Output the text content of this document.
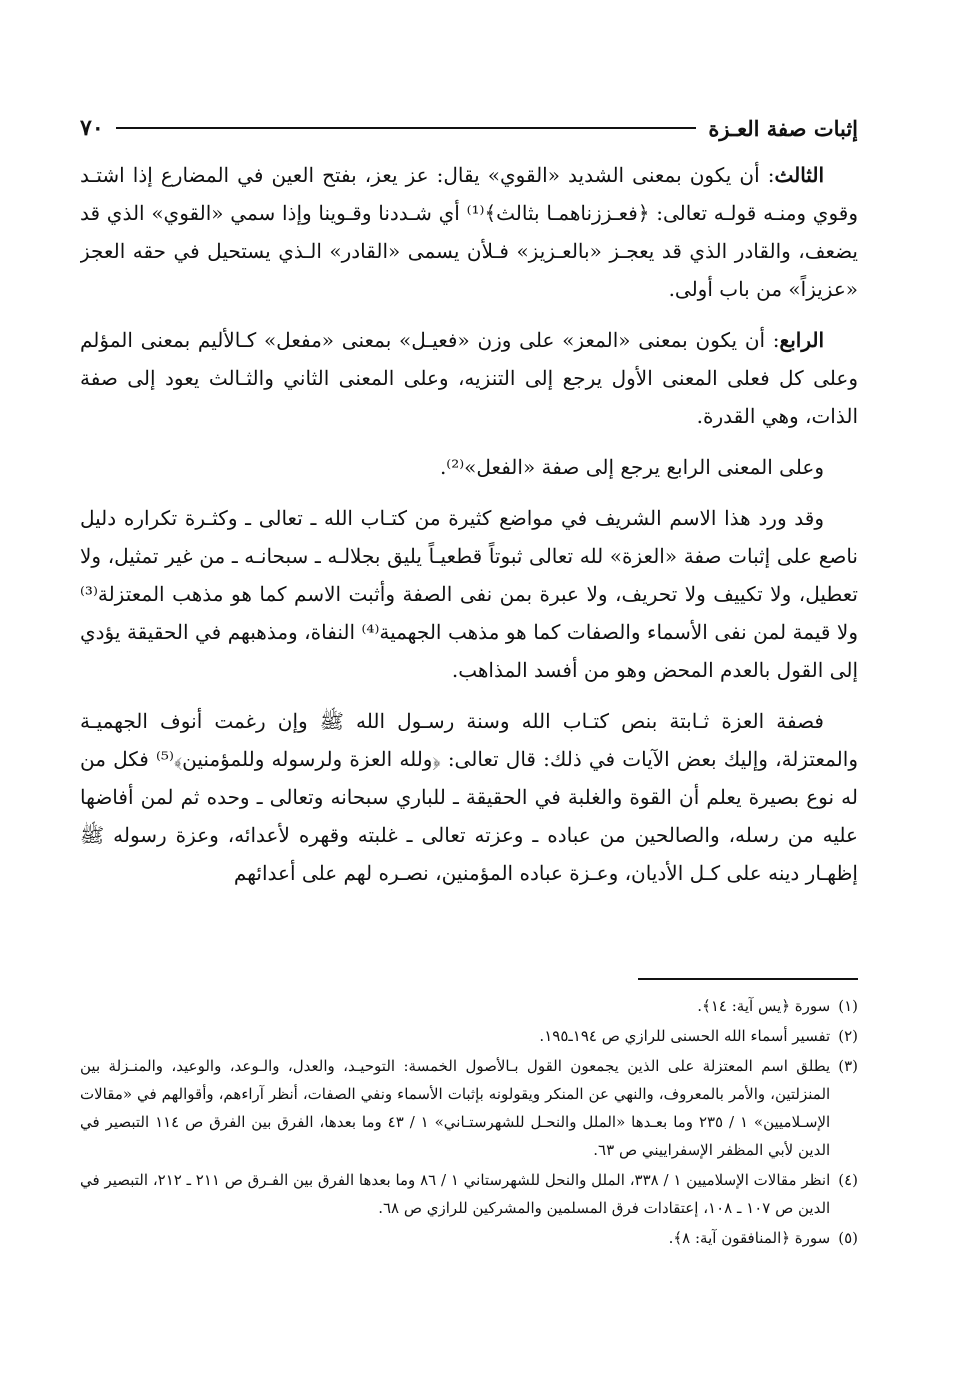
إثبات صفة العـزة
٧٠

الثالث: أن يكون بمعنى الشديد «القوي» يقال: عز يعز، بفتح العين في المضارع إذا اشتـد وقوي ومنـه قولـه تعالى: ﴿فعـززناهمـا بثالث﴾⁽¹⁾ أي شـددنا وقـوينا وإذا سمي «القوي» الذي قد يضعف، والقادر الذي قد يعجـز «بالعـزيز» فـلأن يسمى «القادر» الـذي يستحيل في حقه العجز «عزيزاً» من باب أولى.

الرابع: أن يكون بمعنى «المعز» على وزن «فعيـل» بمعنى «مفعل» كـالأليم بمعنى المؤلم وعلى كل فعلى المعنى الأول يرجع إلى التنزيه، وعلى المعنى الثاني والثـالث يعود إلى صفة الذات، وهي القدرة.

وعلى المعنى الرابع يرجع إلى صفة «الفعل»⁽²⁾.

وقد ورد هذا الاسم الشريف في مواضع كثيرة من كتـاب الله ـ تعالى ـ وكثـرة تكراره دليل ناصع على إثبات صفة «العزة» لله تعالى ثبوتاً قطعيـاً يليق بجلالـه ـ سبحانـه ـ من غير تمثيل، ولا تعطيل، ولا تكييف ولا تحريف، ولا عبرة بمن نفى الصفة وأثبت الاسم كما هو مذهب المعتزلة⁽³⁾ ولا قيمة لمن نفى الأسماء والصفات كما هو مذهب الجهمية⁽⁴⁾ النفاة، ومذهبهم في الحقيقة يؤدي إلى القول بالعدم المحض وهو من أفسد المذاهب.

فصفة العزة ثـابتة بنص كتـاب الله وسنة رسـول الله ﷺ وإن رغمت أنوف الجهميـة والمعتزلة، وإليك بعض الآيات في ذلك: قال تعالى: ﴿ولله العزة ولرسوله وللمؤمنين﴾⁽⁵⁾ فكل من له نوع بصيرة يعلم أن القوة والغلبة في الحقيقة ـ للباري سبحانه وتعالى ـ وحده ثم لمن أفاضها عليه من رسله، والصالحين من عباده ـ وعزته تعالى ـ غلبته وقهره لأعدائه، وعزة رسوله ﷺ إظهـار دينه على كـل الأديان، وعـزة عباده المؤمنين، نصـره لهم على أعدائهم

(١)
سورة ﴿يس آية: ١٤﴾.
(٢)
تفسير أسماء الله الحسنى للرازي ص ١٩٤ـ١٩٥.
(٣)
يطلق اسم المعتزلة على الذين يجمعون القول بـالأصول الخمسة: التوحيـد، والعدل، والـوعد، والوعيد، والمنـزلة بين المنزلتين، والأمر بالمعروف، والنهي عن المنكر ويقولونه بإثبات الأسماء ونفي الصفات، أنظر آراءهم، وأقوالهم في «مقالات الإسـلاميين» ١ / ٢٣٥ وما بعـدها «الملل والنحـل للشهرستـاني» ١ / ٤٣ وما بعدها، الفرق بين الفرق ص ١١٤ التبصير في الدين لأبي المظفر الإسفراييني ص ٦٣.
(٤)
انظر مقالات الإسلاميين ١ / ٣٣٨، الملل والنحل للشهرستاني ١ / ٨٦ وما بعدها الفرق بين الفـرق ص ٢١١ ـ ٢١٢، التبصير في الدين ص ١٠٧ ـ ١٠٨، إعتقادات فرق المسلمين والمشركين للرازي ص ٦٨.
(٥)
سورة ﴿المنافقون آية: ٨﴾.
